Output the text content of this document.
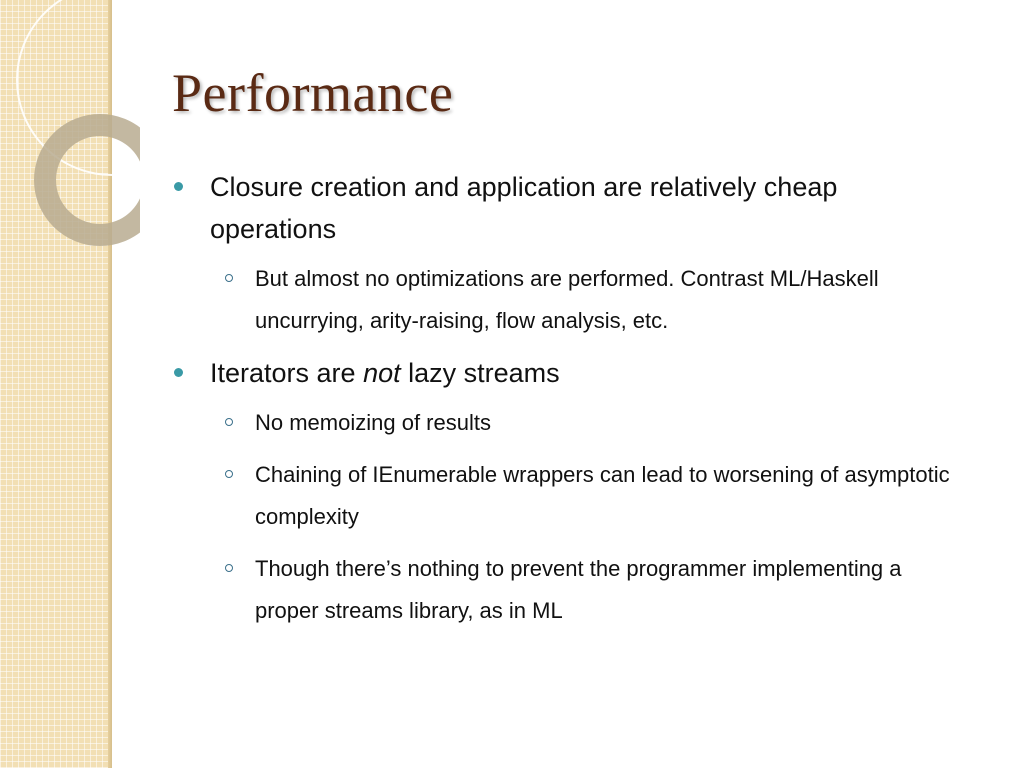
Performance
Closure creation and application are relatively cheap operations
But almost no optimizations are performed. Contrast ML/Haskell uncurrying, arity-raising, flow analysis, etc.
Iterators are not lazy streams
No memoizing of results
Chaining of IEnumerable wrappers can lead to worsening of asymptotic complexity
Though there’s nothing to prevent the programmer implementing a proper streams library, as in ML
